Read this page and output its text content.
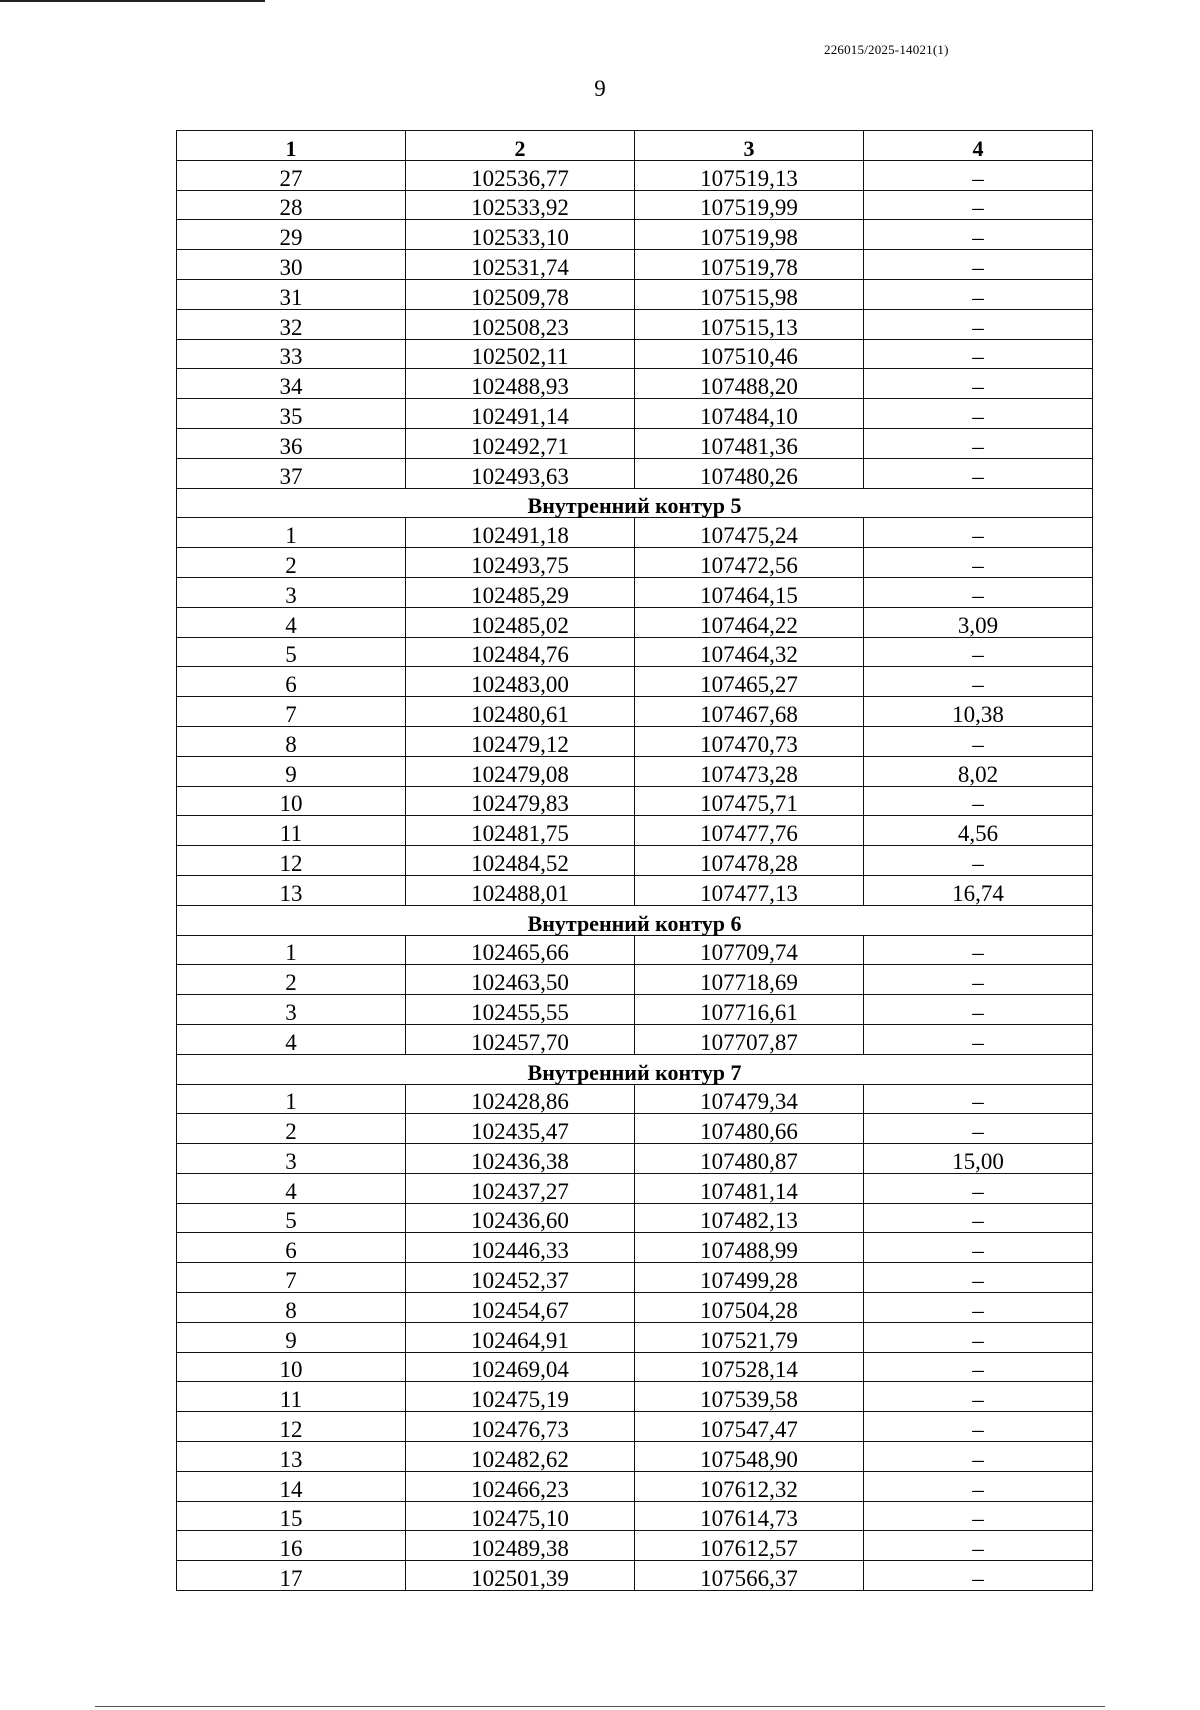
226015/2025-14021(1)
9
1	2	3	4
27	102536,77	107519,13	–
28	102533,92	107519,99	–
29	102533,10	107519,98	–
30	102531,74	107519,78	–
31	102509,78	107515,98	–
32	102508,23	107515,13	–
33	102502,11	107510,46	–
34	102488,93	107488,20	–
35	102491,14	107484,10	–
36	102492,71	107481,36	–
37	102493,63	107480,26	–
Внутренний контур 5			
1	102491,18	107475,24	–
2	102493,75	107472,56	–
3	102485,29	107464,15	–
4	102485,02	107464,22	3,09
5	102484,76	107464,32	–
6	102483,00	107465,27	–
7	102480,61	107467,68	10,38
8	102479,12	107470,73	–
9	102479,08	107473,28	8,02
10	102479,83	107475,71	–
11	102481,75	107477,76	4,56
12	102484,52	107478,28	–
13	102488,01	107477,13	16,74
Внутренний контур 6			
1	102465,66	107709,74	–
2	102463,50	107718,69	–
3	102455,55	107716,61	–
4	102457,70	107707,87	–
Внутренний контур 7			
1	102428,86	107479,34	–
2	102435,47	107480,66	–
3	102436,38	107480,87	15,00
4	102437,27	107481,14	–
5	102436,60	107482,13	–
6	102446,33	107488,99	–
7	102452,37	107499,28	–
8	102454,67	107504,28	–
9	102464,91	107521,79	–
10	102469,04	107528,14	–
11	102475,19	107539,58	–
12	102476,73	107547,47	–
13	102482,62	107548,90	–
14	102466,23	107612,32	–
15	102475,10	107614,73	–
16	102489,38	107612,57	–
17	102501,39	107566,37	–
